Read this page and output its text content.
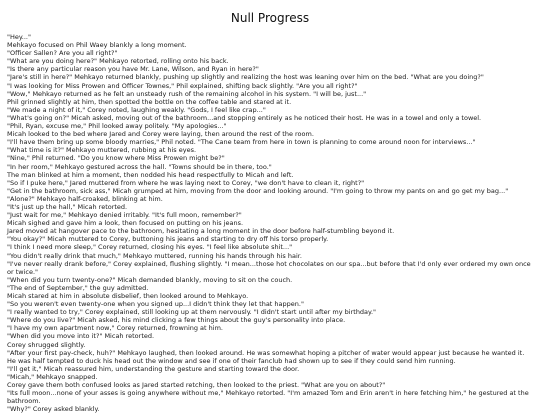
Null Progress

"Hey..."

Mehkayo focused on Phil Waey blankly a long moment.

"Officer Sallen? Are you all right?"

"What are you doing here?" Mehkayo retorted, rolling onto his back.

"Is there any particular reason you have Mr. Lane, Wilson, and Ryan in here?"

"Jare's still in here?" Mehkayo returned blankly, pushing up slightly and realizing the host was leaning over him on the bed. "What are you doing?"

"I was looking for Miss Prowen and Officer Townes," Phil explained, shifting back slightly. "Are you all right?"

"Wow," Mehkayo returned as he felt an unsteady rush of the remaining alcohol in his system. "I will be, just..."

Phil grinned slightly at him, then spotted the bottle on the coffee table and stared at it.

"We made a night of it," Corey noted, laughing weakly. "Gods, I feel like crap..."

"What's going on?" Micah asked, moving out of the bathroom...and stopping entirely as he noticed their host. He was in a towel and only a towel.

"Phil, Ryan, excuse me," Phil looked away politely. "My apologies..."

Micah looked to the bed where Jared and Corey were laying, then around the rest of the room.

"I'll have them bring up some bloody marries," Phil noted. "The Cane team from here in town is planning to come around noon for interviews..."

"What time is it?" Mehkayo muttered, rubbing at his eyes.

"Nine," Phil returned. "Do you know where Miss Prowen might be?"

"In her room," Mehkayo gestured across the hall. "Towns should be in there, too."

The man blinked at him a moment, then nodded his head respectfully to Micah and left.

"So if I puke here," Jared muttered from where he was laying next to Corey, "we don't have to clean it, right?"

"Get in the bathroom, sick ass," Micah grumped at him, moving from the door and looking around. "I'm going to throw my pants on and go get my bag..."

"Alone?" Mehkayo half-croaked, blinking at him.

"It's just up the hall," Micah retorted.

"Just wait for me," Mehkayo denied irritably. "It's full moon, remember?"

Micah sighed and gave him a look, then focused on putting on his jeans.

Jared moved at hangover pace to the bathroom, hesitating a long moment in the door before half-stumbling beyond it.

"You okay?" Micah muttered to Corey, buttoning his jeans and starting to dry off his torso properly.

"I think I need more sleep," Corey returned, closing his eyes. "I feel like absolute shit..."

"You didn't really drink that much," Mehkayo muttered, running his hands through his hair.

"I've never really drank before," Corey explained, flushing slightly. "I mean...those hot chocolates on our spa...but before that I'd only ever ordered my own once or twice."

"When did you turn twenty-one?" Micah demanded blankly, moving to sit on the couch.

"The end of September," the guy admitted.

Micah stared at him in absolute disbelief, then looked around to Mehkayo.

"So you weren't even twenty-one when you signed up...I didn't think they let that happen."

"I really wanted to try," Corey explained, still looking up at them nervously. "I didn't start until after my birthday."

"Where do you live?" Micah asked, his mind clicking a few things about the guy's personality into place.

"I have my own apartment now," Corey returned, frowning at him.

"When did you move into it?" Micah retorted.

Corey shrugged slightly.

"After your first pay-check, huh?" Mehkayo laughed, then looked around. He was somewhat hoping a pitcher of water would appear just because he wanted it. He was half tempted to duck his head out the window and see if one of their fanclub had shown up to see if they could send him running.

"I'll get it," Micah reassured him, understanding the gesture and starting toward the door.

"Micah," Mehkayo snapped.

Corey gave them both confused looks as Jared started retching, then looked to the priest. "What are you on about?"

"Its full moon...none of your asses is going anywhere without me," Mehkayo retorted. "I'm amazed Tom and Erin aren't in here fetching him," he gestured at the bathroom.

"Why?" Corey asked blankly.
